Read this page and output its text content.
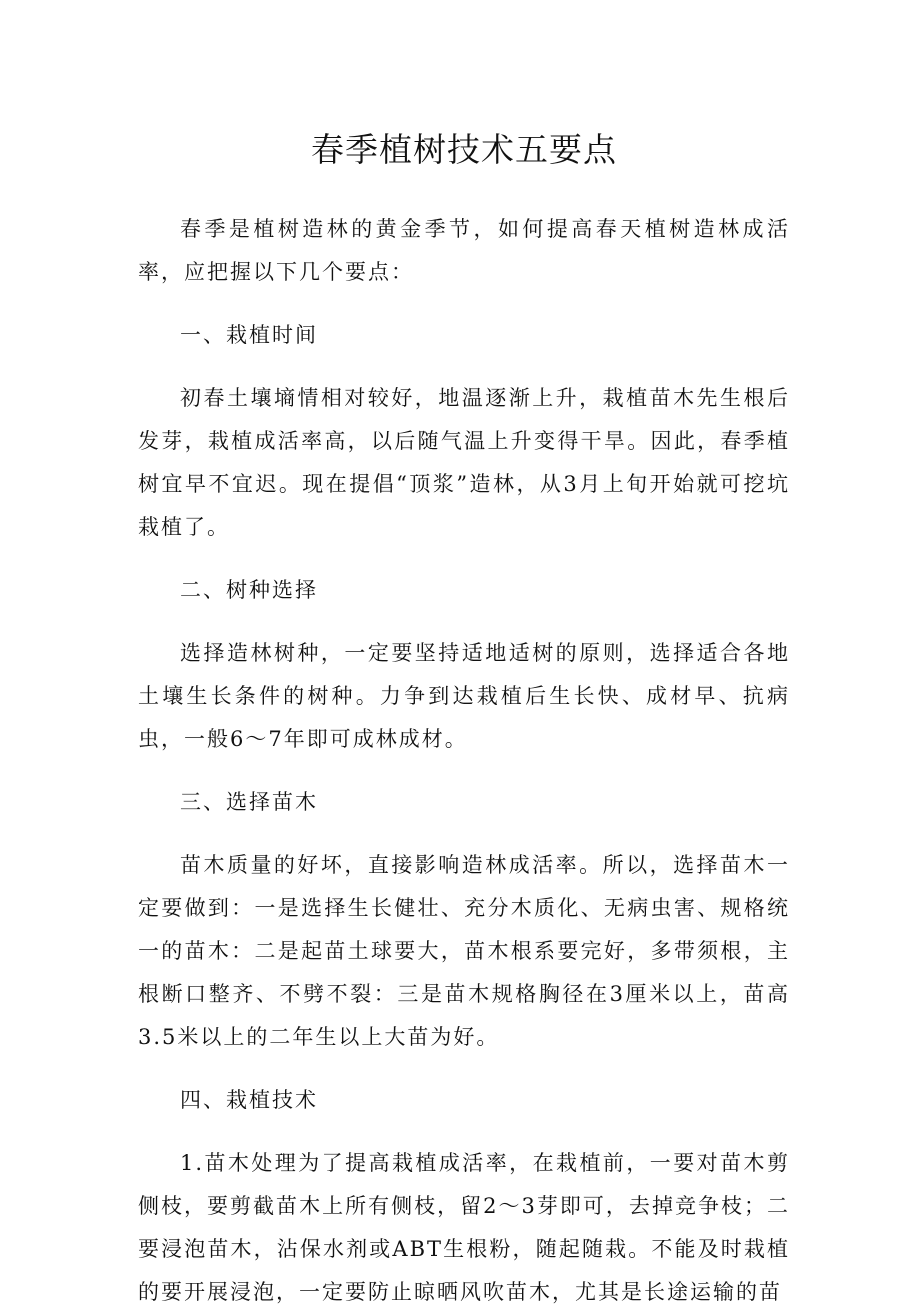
春季植树技术五要点

春季是植树造林的黄金季节，如何提高春天植树造林成活率，应把握以下几个要点：

一、栽植时间

初春土壤墒情相对较好，地温逐渐上升，栽植苗木先生根后发芽，栽植成活率高，以后随气温上升变得干旱。因此，春季植树宜早不宜迟。现在提倡“顶浆”造林，从3月上旬开始就可挖坑栽植了。

二、树种选择

选择造林树种，一定要坚持适地适树的原则，选择适合各地土壤生长条件的树种。力争到达栽植后生长快、成材早、抗病虫，一般6～7年即可成林成材。

三、选择苗木

苗木质量的好坏，直接影响造林成活率。所以，选择苗木一定要做到：一是选择生长健壮、充分木质化、无病虫害、规格统一的苗木：二是起苗土球要大，苗木根系要完好，多带须根，主根断口整齐、不劈不裂：三是苗木规格胸径在3厘米以上，苗高3.5米以上的二年生以上大苗为好。

四、栽植技术

1.苗木处理为了提高栽植成活率，在栽植前，一要对苗木剪侧枝，要剪截苗木上所有侧枝，留2～3芽即可，去掉竞争枝；二要浸泡苗木，沾保水剂或ABT生根粉，随起随栽。不能及时栽植的要开展浸泡，一定要防止晾晒风吹苗木，尤其是长途运输的苗
